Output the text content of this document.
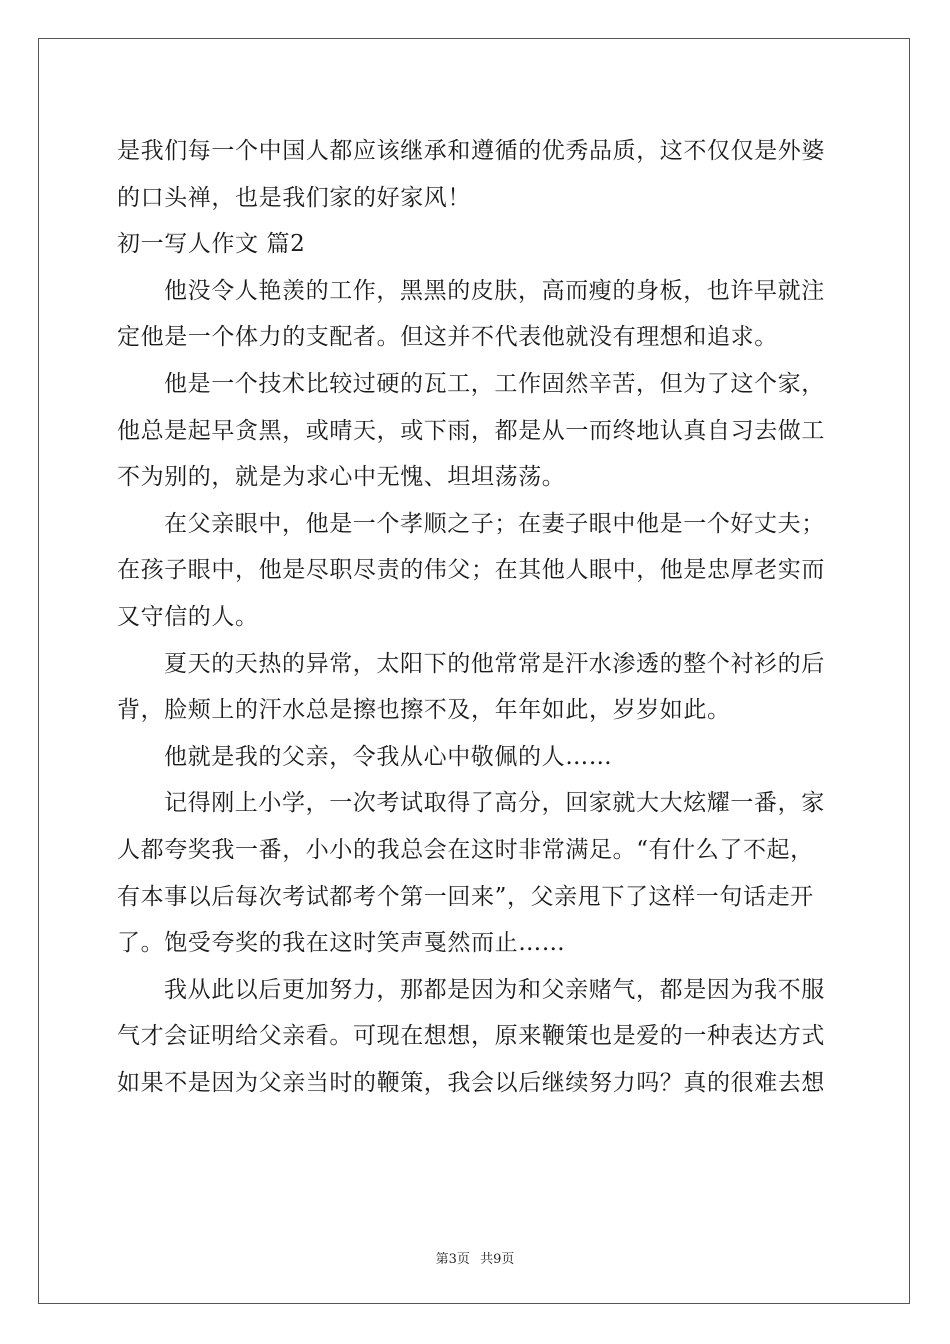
是我们每一个中国人都应该继承和遵循的优秀品质，这不仅仅是外婆
的口头禅，也是我们家的好家风！
初一写人作文 篇2
他没令人艳羡的工作，黑黑的皮肤，高而瘦的身板，也许早就注
定他是一个体力的支配者。但这并不代表他就没有理想和追求。
他是一个技术比较过硬的瓦工，工作固然辛苦，但为了这个家，
他总是起早贪黑，或晴天，或下雨，都是从一而终地认真自习去做工
不为别的，就是为求心中无愧、坦坦荡荡。
在父亲眼中，他是一个孝顺之子；在妻子眼中他是一个好丈夫；
在孩子眼中，他是尽职尽责的伟父；在其他人眼中，他是忠厚老实而
又守信的人。
夏天的天热的异常，太阳下的他常常是汗水渗透的整个衬衫的后
背，脸颊上的汗水总是擦也擦不及，年年如此，岁岁如此。
他就是我的父亲，令我从心中敬佩的人……
记得刚上小学，一次考试取得了高分，回家就大大炫耀一番，家
人都夸奖我一番，小小的我总会在这时非常满足。“有什么了不起，
有本事以后每次考试都考个第一回来”，父亲甩下了这样一句话走开
了。饱受夸奖的我在这时笑声戛然而止……
我从此以后更加努力，那都是因为和父亲赌气，都是因为我不服
气才会证明给父亲看。可现在想想，原来鞭策也是爱的一种表达方式
如果不是因为父亲当时的鞭策，我会以后继续努力吗？真的很难去想
第3页 共9页
